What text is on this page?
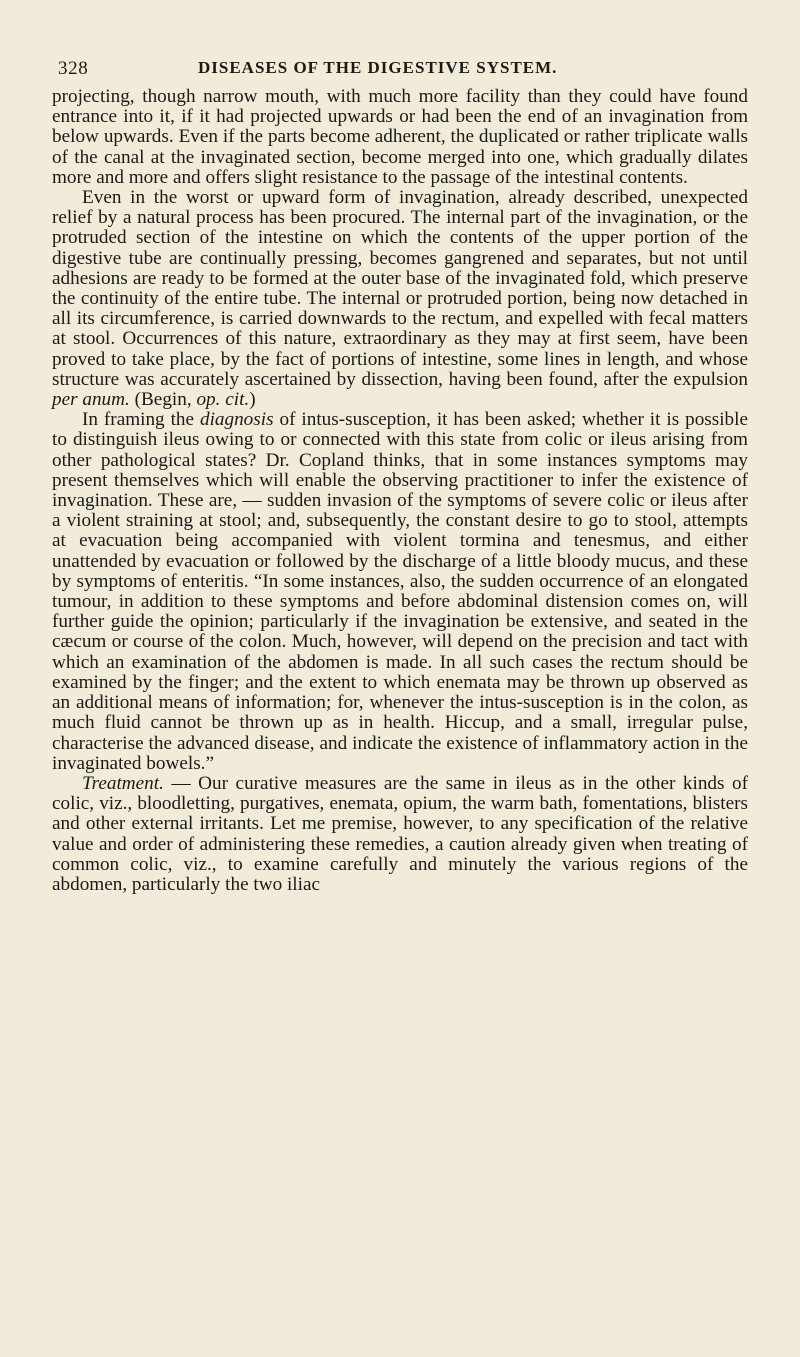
328	DISEASES OF THE DIGESTIVE SYSTEM.

projecting, though narrow mouth, with much more facility than they could have found entrance into it, if it had projected upwards or had been the end of an invagination from below upwards. Even if the parts become adherent, the duplicated or rather triplicate walls of the canal at the invaginated section, become merged into one, which gradually dilates more and more and offers slight resistance to the passage of the intestinal contents.

Even in the worst or upward form of invagination, already described, unexpected relief by a natural process has been procured. The internal part of the invagination, or the protruded section of the intestine on which the contents of the upper portion of the digestive tube are continually pressing, becomes gangrened and separates, but not until adhesions are ready to be formed at the outer base of the invaginated fold, which preserve the continuity of the entire tube. The internal or protruded portion, being now detached in all its circumference, is carried downwards to the rectum, and expelled with fecal matters at stool. Occurrences of this nature, extraordinary as they may at first seem, have been proved to take place, by the fact of portions of intestine, some lines in length, and whose structure was accurately ascertained by dissection, having been found, after the expulsion per anum. (Begin, op. cit.)

In framing the diagnosis of intus-susception, it has been asked; whether it is possible to distinguish ileus owing to or connected with this state from colic or ileus arising from other pathological states? Dr. Copland thinks, that in some instances symptoms may present themselves which will enable the observing practitioner to infer the existence of invagination. These are, — sudden invasion of the symptoms of severe colic or ileus after a violent straining at stool; and, subsequently, the constant desire to go to stool, attempts at evacuation being accompanied with violent tormina and tenesmus, and either unattended by evacuation or followed by the discharge of a little bloody mucus, and these by symptoms of enteritis. “In some instances, also, the sudden occurrence of an elongated tumour, in addition to these symptoms and before abdominal distension comes on, will further guide the opinion; particularly if the invagination be extensive, and seated in the cæcum or course of the colon. Much, however, will depend on the precision and tact with which an examination of the abdomen is made. In all such cases the rectum should be examined by the finger; and the extent to which enemata may be thrown up observed as an additional means of information; for, whenever the intus-susception is in the colon, as much fluid cannot be thrown up as in health. Hiccup, and a small, irregular pulse, characterise the advanced disease, and indicate the existence of inflammatory action in the invaginated bowels.”

Treatment. — Our curative measures are the same in ileus as in the other kinds of colic, viz., bloodletting, purgatives, enemata, opium, the warm bath, fomentations, blisters and other external irritants. Let me premise, however, to any specification of the relative value and order of administering these remedies, a caution already given when treating of common colic, viz., to examine carefully and minutely the various regions of the abdomen, particularly the two iliac
